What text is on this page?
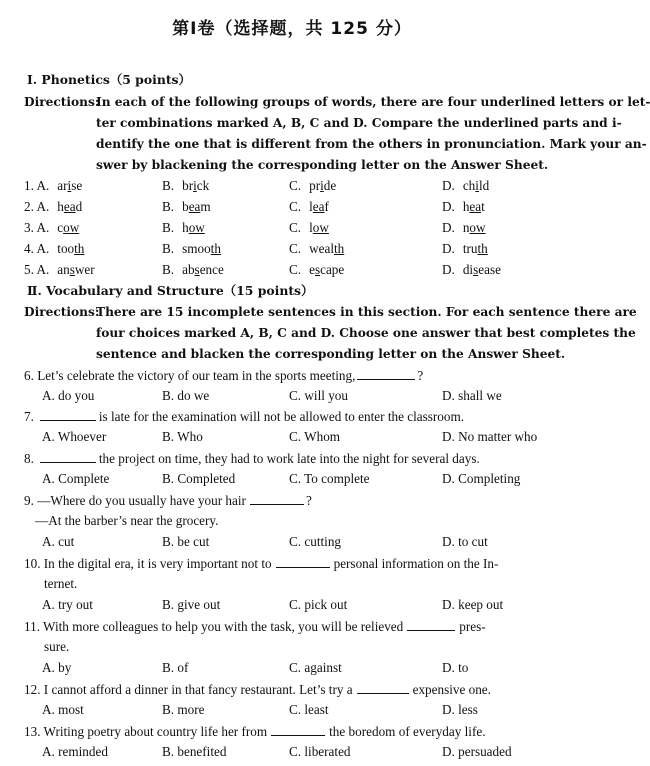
第Ⅰ卷（选择题，共 125 分）
Ⅰ. Phonetics（5 points）
Directions:
In each of the following groups of words, there are four underlined letters or let-
ter combinations marked A, B, C and D. Compare the underlined parts and i-
dentify the one that is different from the others in pronunciation. Mark your an-
swer by blackening the corresponding letter on the Answer Sheet.
1. A. arise	B. brick	C. pride	D. child
2. A. head	B. beam	C. leaf	D. heat
3. A. cow	B. how	C. low	D. now
4. A. tooth	B. smooth	C. wealth	D. truth
5. A. answer	B. absence	C. escape	D. disease
Ⅱ. Vocabulary and Structure（15 points）
Directions:
There are 15 incomplete sentences in this section. For each sentence there are
four choices marked A, B, C and D. Choose one answer that best completes the
sentence and blacken the corresponding letter on the Answer Sheet.
6. Let’s celebrate the victory of our team in the sports meeting,	?
A. do you	B. do we	C. will you	D. shall we
7.	is late for the examination will not be allowed to enter the classroom.
A. Whoever	B. Who	C. Whom	D. No matter who
8.	the project on time, they had to work late into the night for several days.
A. Complete	B. Completed	C. To complete	D. Completing
9. —Where do you usually have your hair	?
—At the barber’s near the grocery.
A. cut	B. be cut	C. cutting	D. to cut
10. In the digital era, it is very important not to	personal information on the In-
ternet.
A. try out	B. give out	C. pick out	D. keep out
11. With more colleagues to help you with the task, you will be relieved	pres-
sure.
A. by	B. of	C. against	D. to
12. I cannot afford a dinner in that fancy restaurant. Let’s try a	expensive one.
A. most	B. more	C. least	D. less
13. Writing poetry about country life her from	the boredom of everyday life.
A. reminded	B. benefited	C. liberated	D. persuaded
